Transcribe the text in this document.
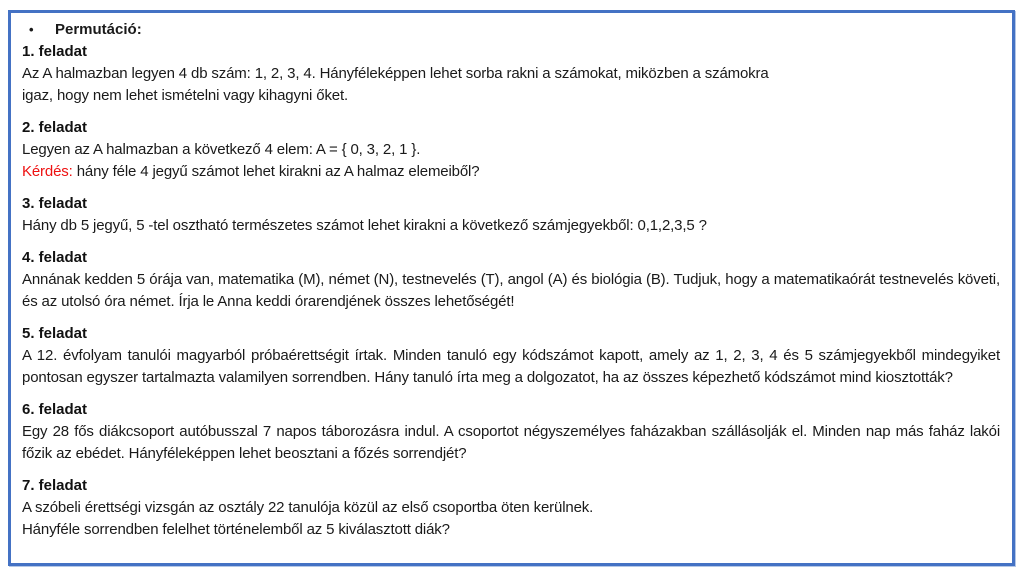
•	Permutáció:
1. feladat

Az A halmazban legyen 4 db szám: 1, 2, 3, 4. Hányféleképpen lehet sorba rakni a számokat, miközben a számokra

igaz, hogy nem lehet ismételni vagy kihagyni őket.

2. feladat

Legyen az A halmazban a következő 4 elem: A = { 0, 3, 2, 1 }.

Kérdés: hány féle 4 jegyű számot lehet kirakni az A halmaz elemeiből?

3. feladat

Hány db 5 jegyű, 5 -tel osztható természetes számot lehet kirakni a következő számjegyekből: 0,1,2,3,5 ?

4. feladat

Annának kedden 5 órája van, matematika (M), német (N), testnevelés (T), angol (A) és biológia (B). Tudjuk, hogy a matematikaórát testnevelés követi, és az utolsó óra német. Írja le Anna keddi órarendjének összes lehetőségét!

5. feladat

A 12. évfolyam tanulói magyarból próbaérettségit írtak. Minden tanuló egy kódszámot kapott, amely az 1, 2, 3, 4 és 5 számjegyekből mindegyiket pontosan egyszer tartalmazta valamilyen sorrendben. Hány tanuló írta meg a dolgozatot, ha az összes képezhető kódszámot mind kiosztották?

6. feladat

Egy 28 fős diákcsoport autóbusszal 7 napos táborozásra indul. A csoportot négyszemélyes faházakban szállásolják el. Minden nap más faház lakói főzik az ebédet. Hányféleképpen lehet beosztani a főzés sorrendjét?

7. feladat

A szóbeli érettségi vizsgán az osztály 22 tanulója közül az első csoportba öten kerülnek.

Hányféle sorrendben felelhet történelemből az 5 kiválasztott diák?
